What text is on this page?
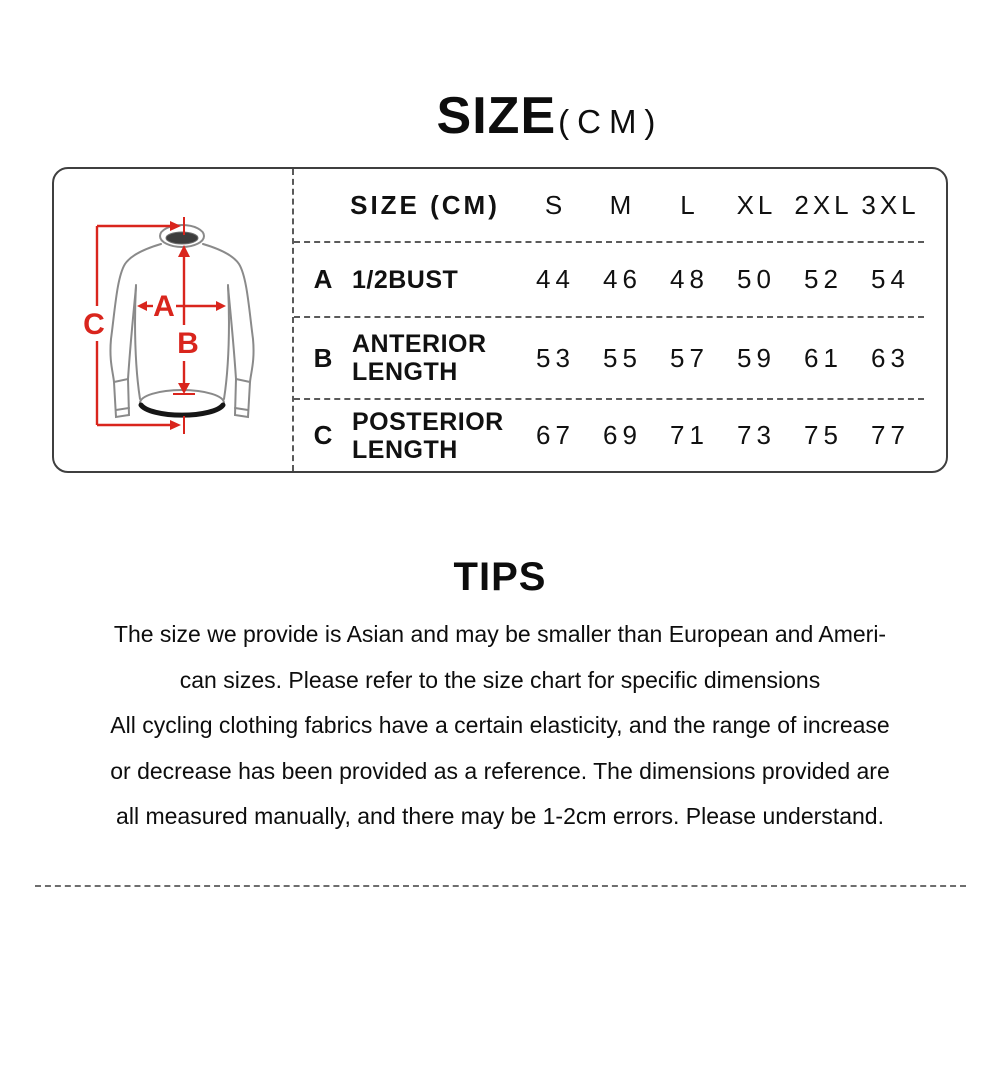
SIZE(CM)
A
B
C
SIZE (CM)	S	M	L	XL 2XL 3XL
A 1/2BUST	44	46	48	50	52	54
B ANTERIOR LENGTH	53	55	57	59	61	63
C POSTERIOR LENGTH	67	69	71	73	75	77
TIPS
The size we provide is Asian and may be smaller than European and Ameri-
can sizes. Please refer to the size chart for specific dimensions
All cycling clothing fabrics have a certain elasticity, and the range of increase
or decrease has been provided as a reference. The dimensions provided are
all measured manually, and there may be 1-2cm errors. Please understand.
